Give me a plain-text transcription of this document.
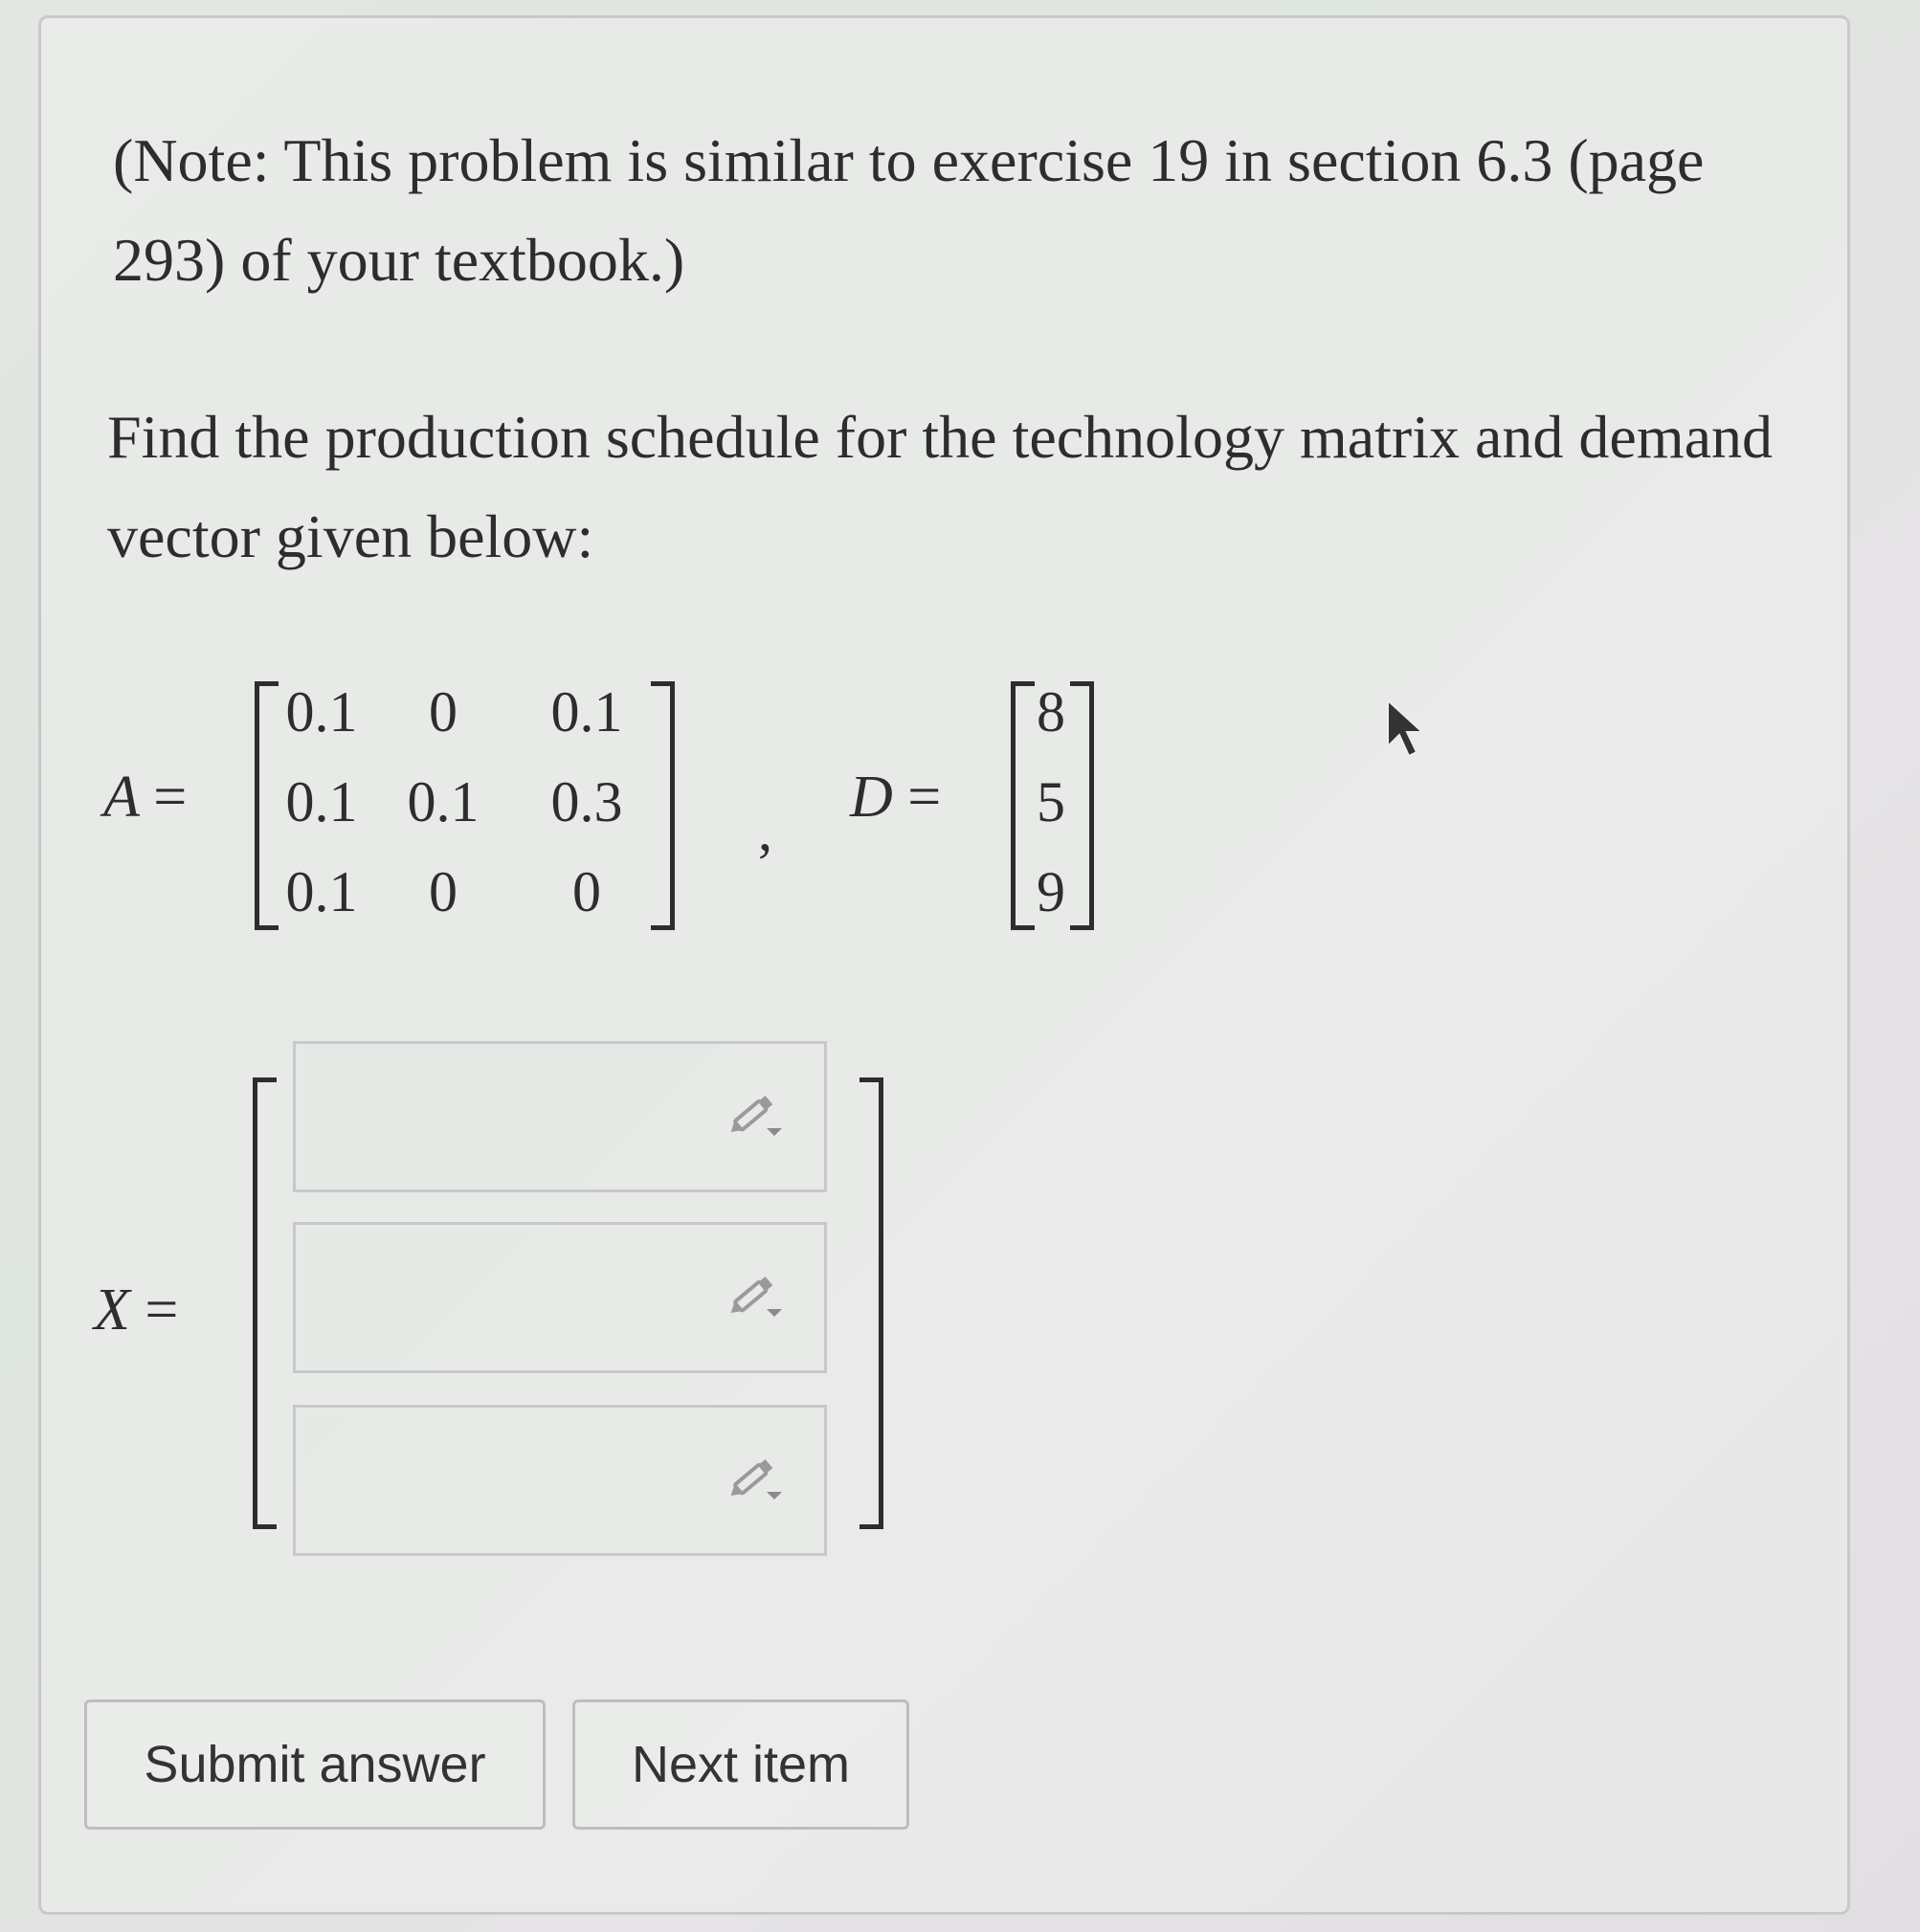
(Note: This problem is similar to exercise 19 in section 6.3 (page 293) of your textbook.)

Find the production schedule for the technology matrix and demand vector given below:

A =
0.1	0	0.1
0.1 0.1	0.3
0.1	0	0
,
D =
8
5
9
X =
Submit answer	Next item
